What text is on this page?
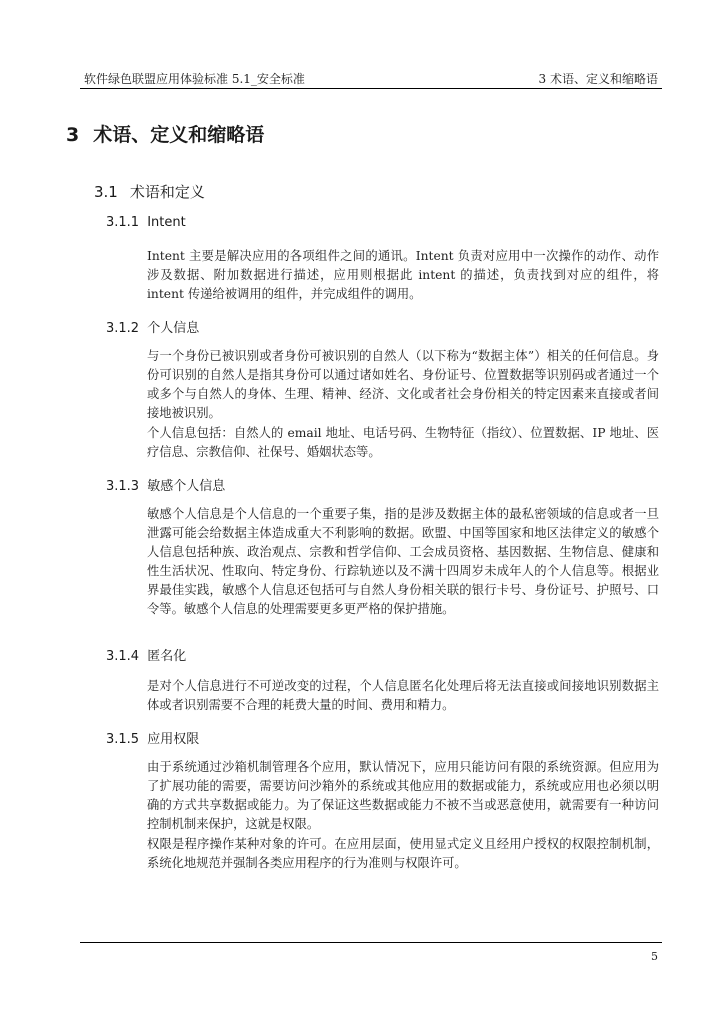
软件绿色联盟应用体验标准 5.1_安全标准	3 术语、定义和缩略语
3 术语、定义和缩略语
3.1 术语和定义
3.1.1 Intent
Intent 主要是解决应用的各项组件之间的通讯。Intent 负责对应用中一次操作的动作、动作涉及数据、附加数据进行描述，应用则根据此 intent 的描述，负责找到对应的组件，将 intent 传递给被调用的组件，并完成组件的调用。
3.1.2 个人信息
与一个身份已被识别或者身份可被识别的自然人（以下称为“数据主体”）相关的任何信息。身份可识别的自然人是指其身份可以通过诸如姓名、身份证号、位置数据等识别码或者通过一个或多个与自然人的身体、生理、精神、经济、文化或者社会身份相关的特定因素来直接或者间接地被识别。
个人信息包括：自然人的 email 地址、电话号码、生物特征（指纹）、位置数据、IP 地址、医疗信息、宗教信仰、社保号、婚姻状态等。
3.1.3 敏感个人信息
敏感个人信息是个人信息的一个重要子集，指的是涉及数据主体的最私密领域的信息或者一旦泄露可能会给数据主体造成重大不利影响的数据。欧盟、中国等国家和地区法律定义的敏感个人信息包括种族、政治观点、宗教和哲学信仰、工会成员资格、基因数据、生物信息、健康和性生活状况、性取向、特定身份、行踪轨迹以及不满十四周岁未成年人的个人信息等。根据业界最佳实践，敏感个人信息还包括可与自然人身份相关联的银行卡号、身份证号、护照号、口令等。敏感个人信息的处理需要更多更严格的保护措施。
3.1.4 匿名化
是对个人信息进行不可逆改变的过程，个人信息匿名化处理后将无法直接或间接地识别数据主体或者识别需要不合理的耗费大量的时间、费用和精力。
3.1.5 应用权限
由于系统通过沙箱机制管理各个应用，默认情况下，应用只能访问有限的系统资源。但应用为了扩展功能的需要，需要访问沙箱外的系统或其他应用的数据或能力，系统或应用也必须以明确的方式共享数据或能力。为了保证这些数据或能力不被不当或恶意使用，就需要有一种访问控制机制来保护，这就是权限。
权限是程序操作某种对象的许可。在应用层面，使用显式定义且经用户授权的权限控制机制，系统化地规范并强制各类应用程序的行为准则与权限许可。
5
